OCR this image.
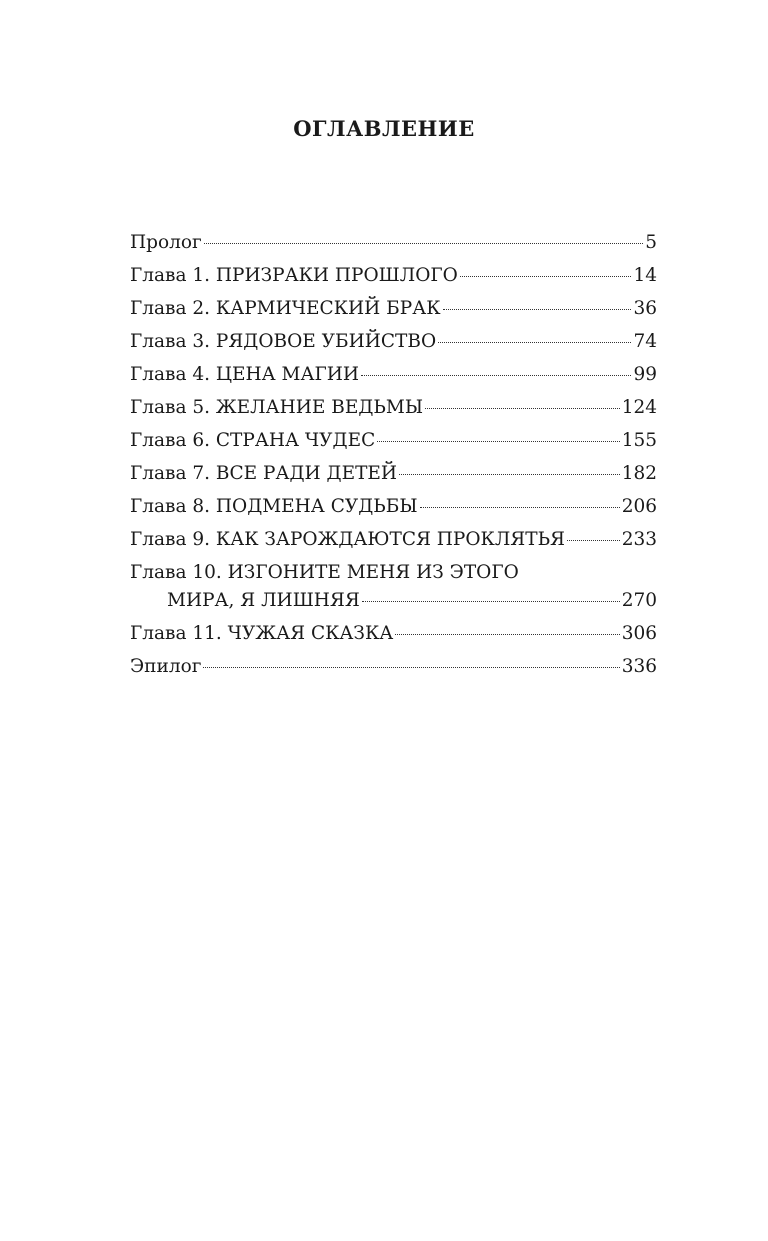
ОГЛАВЛЕНИЕ
Пролог	5
Глава 1. ПРИЗРАКИ ПРОШЛОГО	14
Глава 2. КАРМИЧЕСКИЙ БРАК	36
Глава 3. РЯДОВОЕ УБИЙСТВО	74
Глава 4. ЦЕНА МАГИИ	99
Глава 5. ЖЕЛАНИЕ ВЕДЬМЫ	124
Глава 6. СТРАНА ЧУДЕС	155
Глава 7. ВСЕ РАДИ ДЕТЕЙ	182
Глава 8. ПОДМЕНА СУДЬБЫ	206
Глава 9. КАК ЗАРОЖДАЮТСЯ ПРОКЛЯТЬЯ	233
Глава 10. ИЗГОНИТЕ МЕНЯ ИЗ ЭТОГО
МИРА, Я ЛИШНЯЯ	270
Глава 11. ЧУЖАЯ СКАЗКА	306
Эпилог	336
